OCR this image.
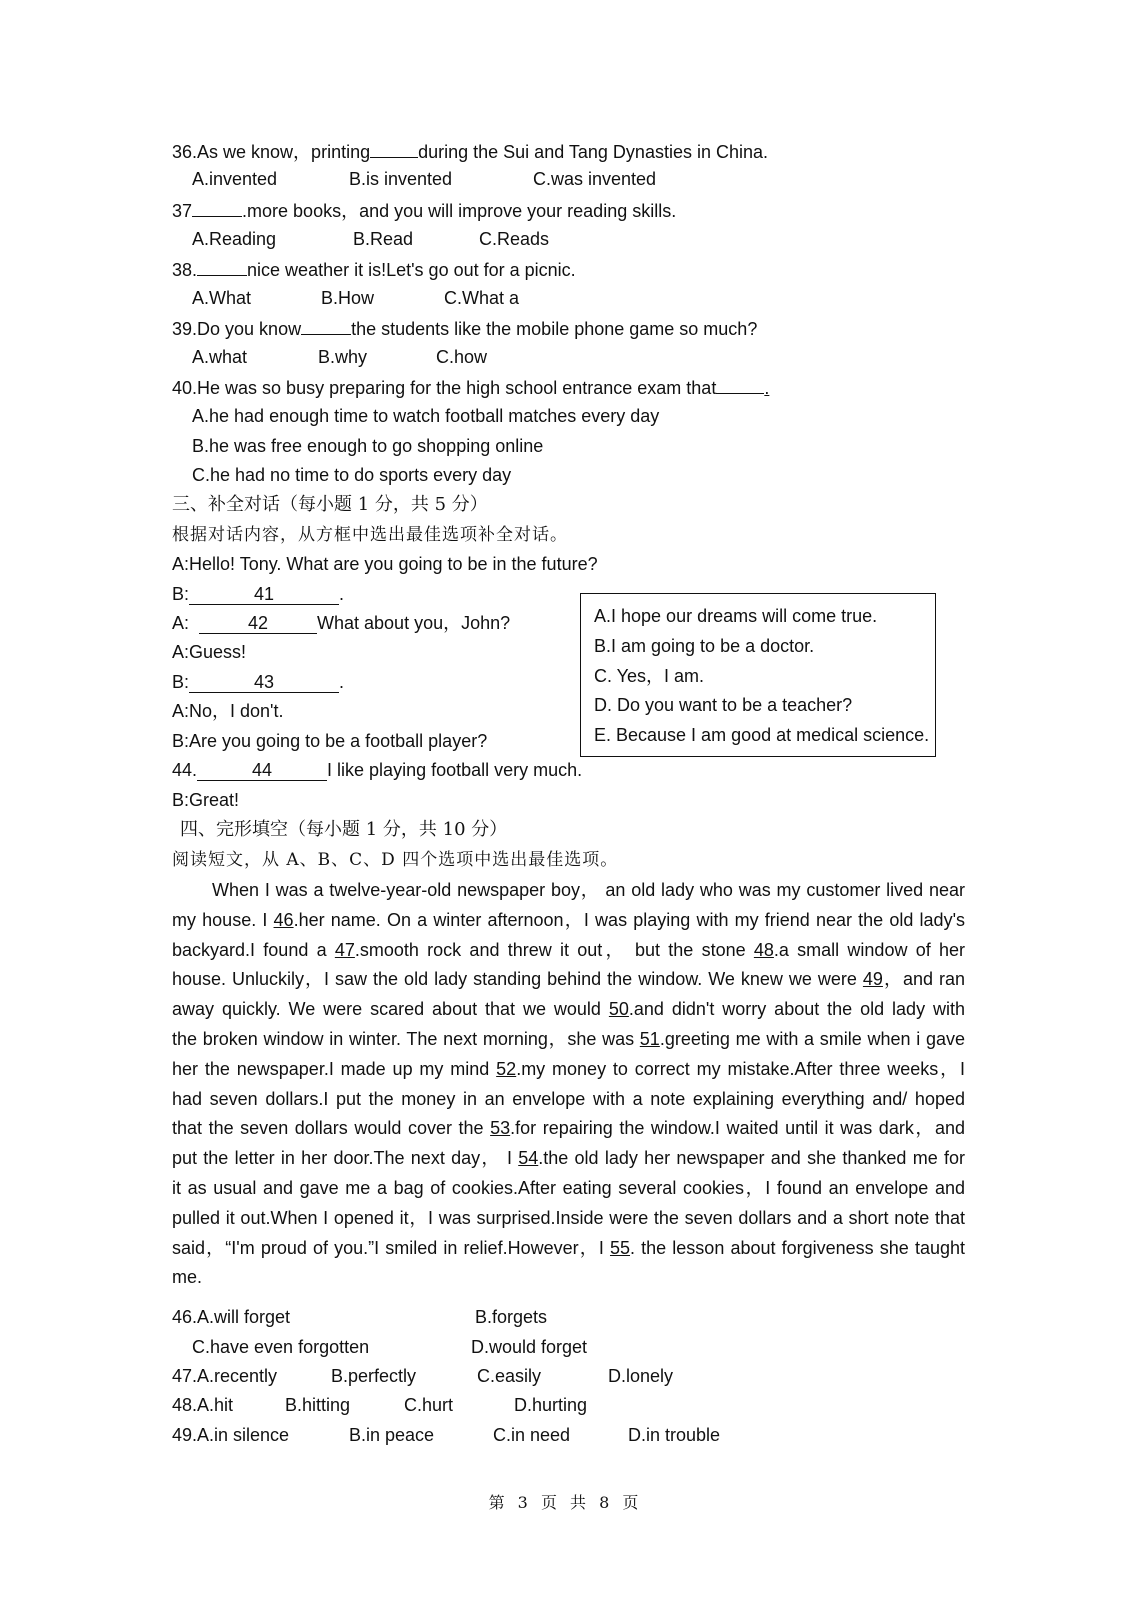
36.As we know，printing	during the Sui and Tang Dynasties in China.
A.invented	B.is invented	C.was invented
37	.more books，and you will improve your reading skills.
A.Reading	B.Read	C.Reads
38.	nice weather it is!Let's go out for a picnic.
A.What	B.How	C.What a
39.Do you know	the students like the mobile phone game so much?
A.what	B.why	C.how
40.He was so busy preparing for the high school entrance exam that	.
A.he had enough time to watch football matches every day
B.he was free enough to go shopping online
C.he had no time to do sports every day
三、补全对话（每小题 1 分，共 5 分）
根据对话内容，从方框中选出最佳选项补全对话。
A:Hello! Tony. What are you going to be in the future?
B:	41	.
A:	42	What about you，John?
A:Guess!
B:	43	.
A:No，I don't.
B:Are you going to be a football player?
44.	44	I like playing football very much.
B:Great!
A.I hope our dreams will come true.
B.I am going to be a doctor.
C. Yes，I am.
D. Do you want to be a teacher?
E. Because I am good at medical science.
四、完形填空（每小题 1 分，共 10 分）
阅读短文，从 A、B、C、D 四个选项中选出最佳选项。
When I was a twelve-year-old newspaper boy， an old lady who was my customer lived near
my house. I 46.her name. On a winter afternoon，I was playing with my friend near the old lady's
backyard.I found a 47.smooth rock and threw it out， but the stone 48.a small window of her
house. Unluckily，I saw the old lady standing behind the window. We knew we were 49，and ran
away quickly. We were scared about that we would 50.and didn't worry about the old lady with
the broken window in winter. The next morning，she was 51.greeting me with a smile when i gave
her the newspaper.I made up my mind 52.my money to correct my mistake.After three weeks，I
had seven dollars.I put the money in an envelope with a note explaining everything and/ hoped
that the seven dollars would cover the 53.for repairing the window.I waited until it was dark，and
put the letter in her door.The next day， I 54.the old lady her newspaper and she thanked me for
it as usual and gave me a bag of cookies.After eating several cookies，I found an envelope and
pulled it out.When I opened it，I was surprised.Inside were the seven dollars and a short note that
said，“I'm proud of you.”I smiled in relief.However，I 55. the lesson about forgiveness she taught
me.
46.A.will forget	B.forgets
C.have even forgotten	D.would forget
47.A.recently	B.perfectly	C.easily	D.lonely
48.A.hit	B.hitting	C.hurt	D.hurting
49.A.in silence	B.in peace	C.in need	D.in trouble
第 3 页 共 8 页
